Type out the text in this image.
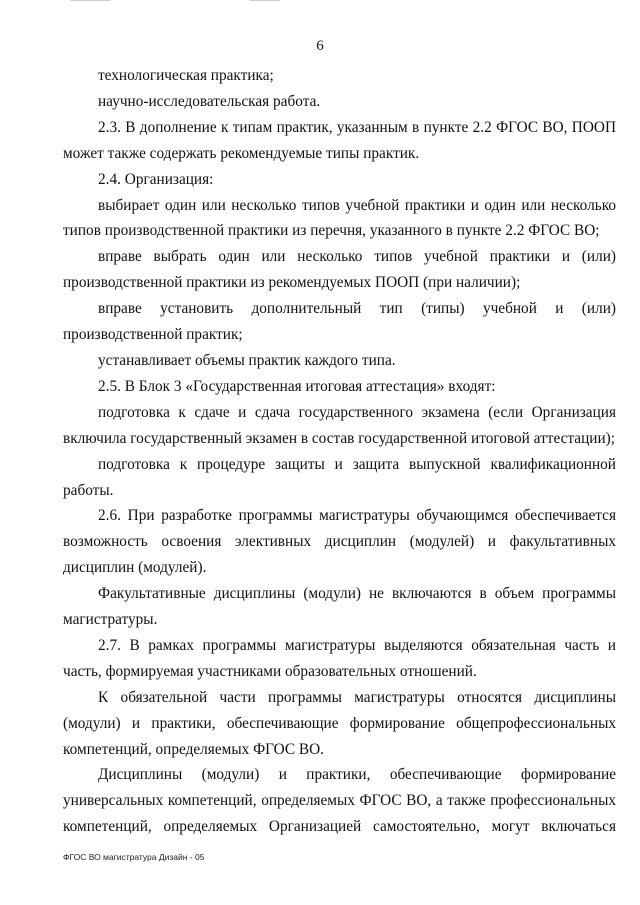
6

технологическая практика;

научно-исследовательская работа.

2.3. В дополнение к типам практик, указанным в пункте 2.2 ФГОС ВО, ПООП может также содержать рекомендуемые типы практик.

2.4. Организация:

выбирает один или несколько типов учебной практики и один или несколько типов производственной практики из перечня, указанного в пункте 2.2 ФГОС ВО;

вправе выбрать один или несколько типов учебной практики и (или) производственной практики из рекомендуемых ПООП (при наличии);

вправе установить дополнительный тип (типы) учебной и (или) производственной практик;

устанавливает объемы практик каждого типа.

2.5. В Блок 3 «Государственная итоговая аттестация» входят:

подготовка к сдаче и сдача государственного экзамена (если Организация включила государственный экзамен в состав государственной итоговой аттестации);

подготовка к процедуре защиты и защита выпускной квалификационной работы.

2.6. При разработке программы магистратуры обучающимся обеспечивается возможность освоения элективных дисциплин (модулей) и факультативных дисциплин (модулей).

Факультативные дисциплины (модули) не включаются в объем программы магистратуры.

2.7. В рамках программы магистратуры выделяются обязательная часть и часть, формируемая участниками образовательных отношений.

К обязательной части программы магистратуры относятся дисциплины (модули) и практики, обеспечивающие формирование общепрофессиональных компетенций, определяемых ФГОС ВО.

Дисциплины (модули) и практики, обеспечивающие формирование универсальных компетенций, определяемых ФГОС ВО, а также профессиональных компетенций, определяемых Организацией самостоятельно, могут включаться

ФГОС ВО магистратура Дизайн - 05
